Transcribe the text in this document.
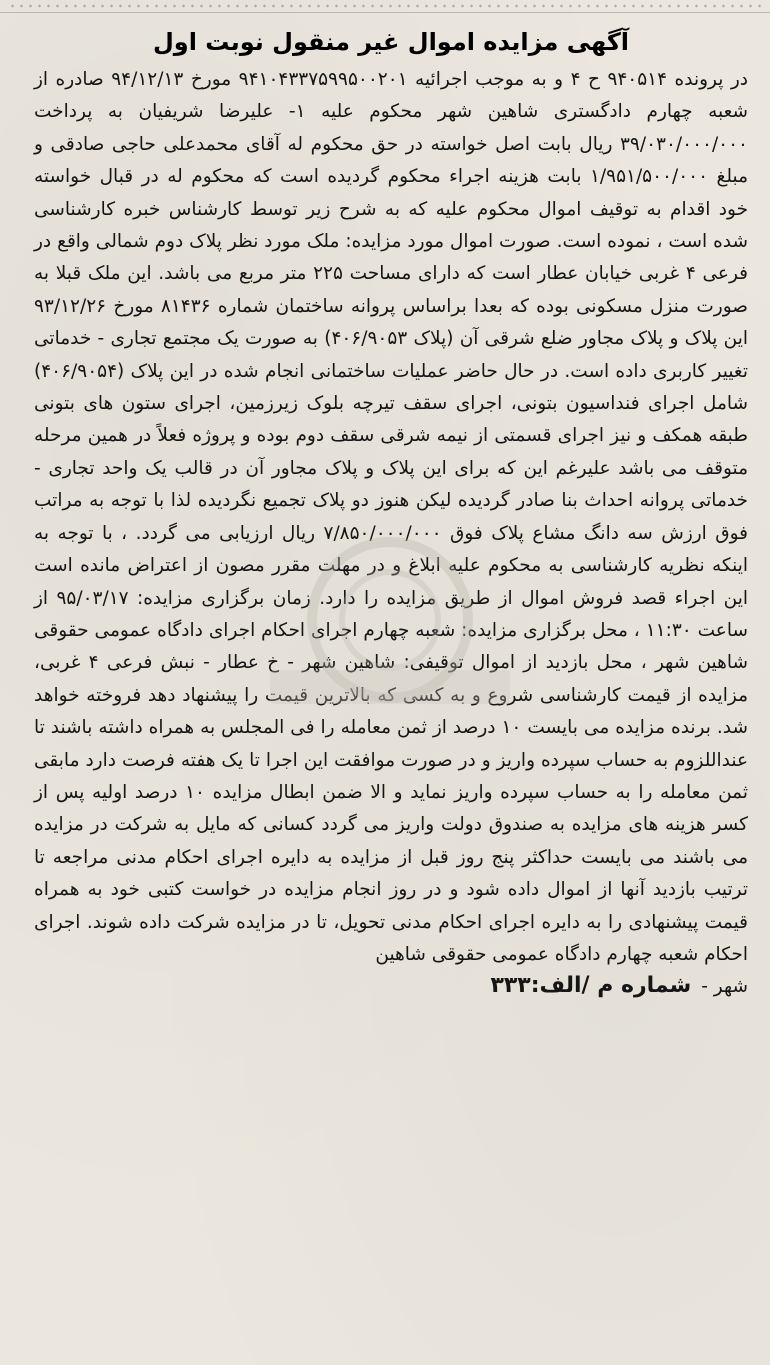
آگهی مزایده اموال غیر منقول نوبت اول

در پرونده ۹۴۰۵۱۴ ح ۴ و به موجب اجرائیه ۹۴۱۰۴۳۳۷۵۹۹۵۰۰۲۰۱ مورخ ۹۴/۱۲/۱۳ صادره از شعبه چهارم دادگستری شاهین شهر محکوم علیه ۱- علیرضا شریفیان به پرداخت ۳۹/۰۳۰/۰۰۰/۰۰۰ ریال بابت اصل خواسته در حق محکوم له آقای محمدعلی حاجی صادقی و مبلغ ۱/۹۵۱/۵۰۰/۰۰۰ بابت هزینه اجراء محکوم گردیده است که محکوم له در قبال خواسته خود اقدام به توقیف اموال محکوم علیه که به شرح زیر توسط کارشناس خبره کارشناسی شده است ، نموده است. صورت اموال مورد مزایده: ملک مورد نظر پلاک دوم شمالی واقع در فرعی ۴ غربی خیابان عطار است که دارای مساحت ۲۲۵ متر مربع می باشد. این ملک قبلا به صورت منزل مسکونی بوده که بعدا براساس پروانه ساختمان شماره ۸۱۴۳۶ مورخ ۹۳/۱۲/۲۶ این پلاک و پلاک مجاور ضلع شرقی آن (پلاک ۴۰۶/۹۰۵۳) به صورت یک مجتمع تجاری - خدماتی تغییر کاربری داده است. در حال حاضر عملیات ساختمانی انجام شده در این پلاک (۴۰۶/۹۰۵۴) شامل اجرای فنداسیون بتونی، اجرای سقف تیرچه بلوک زیرزمین، اجرای ستون های بتونی طبقه همکف و نیز اجرای قسمتی از نیمه شرقی سقف دوم بوده و پروژه فعلاً در همین مرحله متوقف می باشد علیرغم این که برای این پلاک و پلاک مجاور آن در قالب یک واحد تجاری - خدماتی پروانه احداث بنا صادر گردیده لیکن هنوز دو پلاک تجمیع نگردیده لذا با توجه به مراتب فوق ارزش سه دانگ مشاع پلاک فوق ۷/۸۵۰/۰۰۰/۰۰۰ ریال ارزیابی می گردد. ، با توجه به اینکه نظریه کارشناسی به محکوم علیه ابلاغ و در مهلت مقرر مصون از اعتراض مانده است این اجراء قصد فروش اموال از طریق مزایده را دارد. زمان برگزاری مزایده: ۹۵/۰۳/۱۷ از ساعت ۱۱:۳۰ ، محل برگزاری مزایده: شعبه چهارم اجرای احکام اجرای دادگاه عمومی حقوقی شاهین شهر ، محل بازدید از اموال توقیفی: شاهین شهر - خ عطار - نبش فرعی ۴ غربی، مزایده از قیمت کارشناسی شروع و به کسی که بالاترین قیمت را پیشنهاد دهد فروخته خواهد شد. برنده مزایده می بایست ۱۰ درصد از ثمن معامله را فی المجلس به همراه داشته باشند تا عنداللزوم به حساب سپرده واریز و در صورت موافقت این اجرا تا یک هفته فرصت دارد مابقی ثمن معامله را به حساب سپرده واریز نماید و الا ضمن ابطال مزایده ۱۰ درصد اولیه پس از کسر هزینه های مزایده به صندوق دولت واریز می گردد کسانی که مایل به شرکت در مزایده می باشند می بایست حداکثر پنج روز قبل از مزایده به دایره اجرای احکام مدنی مراجعه تا ترتیب بازدید آنها از اموال داده شود و در روز انجام مزایده در خواست کتبی خود به همراه قیمت پیشنهادی را به دایره اجرای احکام مدنی تحویل، تا در مزایده شرکت داده شوند. اجرای احکام شعبه چهارم دادگاه عمومی حقوقی شاهین

شهر - شماره م /الف:۳۳۳
